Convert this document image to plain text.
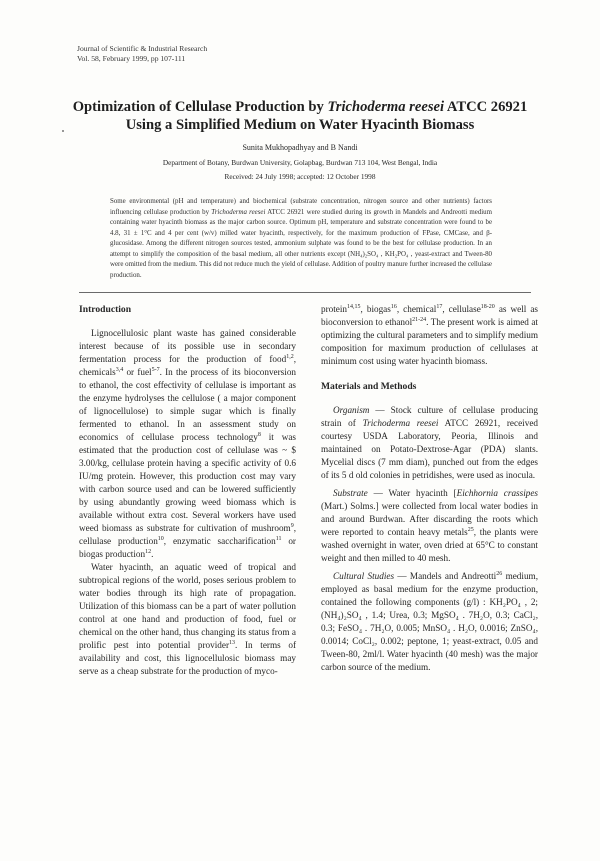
Journal of Scientific & Industrial Research
Vol. 58, February 1999, pp 107-111
Optimization of Cellulase Production by Trichoderma reesei ATCC 26921
Using a Simplified Medium on Water Hyacinth Biomass
Sunita Mukhopadhyay and B Nandi
Department of Botany, Burdwan University, Golapbag, Burdwan 713 104, West Bengal, India
Received: 24 July 1998; accepted: 12 October 1998
Some environmental (pH and temperature) and biochemical (substrate concentration, nitrogen source and other nutrients) factors influencing cellulase production by Trichoderma reesei ATCC 26921 were studied during its growth in Mandels and Andreotti medium containing water hyacinth biomass as the major carbon source. Optimum pH, temperature and substrate concentration were found to be 4.8, 31 ± 1°C and 4 per cent (w/v) milled water hyacinth, respectively, for the maximum production of FPase, CMCase, and β-glucosidase. Among the different nitrogen sources tested, ammonium sulphate was found to be the best for cellulase production. In an attempt to simplify the composition of the basal medium, all other nutrients except (NH₄)₂SO₄ , KH₂PO₄ , yeast-extract and Tween-80 were omitted from the medium. This did not reduce much the yield of cellulase. Addition of poultry manure further increased the cellulase production.

Introduction

Lignocellulosic plant waste has gained considerable interest because of its possible use in secondary fermentation process for the production of food$^{1,2}$, chemicals$^{3,4}$ or fuel$^{5-7}$. In the process of its bioconversion to ethanol, the cost effectivity of cellulase is important as the enzyme hydrolyses the cellulose ( a major component of lignocellulose) to simple sugar which is finally fermented to ethanol. In an assessment study on economics of cellulase process technology$^8$ it was estimated that the production cost of cellulase was ~ $ 3.00/kg, cellulase protein having a specific activity of 0.6 IU/mg protein. However, this production cost may vary with carbon source used and can be lowered sufficiently by using abundantly growing weed biomass which is available without extra cost. Several workers have used weed biomass as substrate for cultivation of mushroom$^9$, cellulase production$^{10}$, enzymatic saccharification$^{11}$ or biogas production$^{12}$.

Water hyacinth, an aquatic weed of tropical and subtropical regions of the world, poses serious problem to water bodies through its high rate of propagation. Utilization of this biomass can be a part of water pollution control at one hand and production of food, fuel or chemical on the other hand, thus changing its status from a prolific pest into potential provider$^{13}$. In terms of availability and cost, this lignocellulosic biomass may serve as a cheap substrate for the production of myco-

protein$^{14,15}$, biogas$^{16}$, chemical$^{17}$, cellulase$^{18-20}$ as well as bioconversion to ethanol$^{21-24}$. The present work is aimed at optimizing the cultural parameters and to simplify medium composition for maximum production of cellulases at minimum cost using water hyacinth biomass.

Materials and Methods

Organism — Stock culture of cellulase producing strain of Trichoderma reesei ATCC 26921, received courtesy USDA Laboratory, Peoria, Illinois and maintained on Potato-Dextrose-Agar (PDA) slants. Mycelial discs (7 mm diam), punched out from the edges of its 5 d old colonies in petridishes, were used as inocula.

Substrate — Water hyacinth [Eichhornia crassipes (Mart.) Solms.] were collected from local water bodies in and around Burdwan. After discarding the roots which were reported to contain heavy metals$^{25}$, the plants were washed overnight in water, oven dried at 65°C to constant weight and then milled to 40 mesh.

Cultural Studies — Mandels and Andreotti$^{26}$ medium, employed as basal medium for the enzyme production, contained the following components (g/l) : KH₂PO₄ , 2; (NH₄)₂SO₄ , 1.4; Urea, 0.3; MgSO₄ . 7H₂O, 0.3; CaCl₂, 0.3; FeSO₄ . 7H₂O, 0.005; MnSO₄ . H₂O, 0.0016; ZnSO₄, 0.0014; CoCl₂, 0.002; peptone, 1; yeast-extract, 0.05 and Tween-80, 2ml/l. Water hyacinth (40 mesh) was the major carbon source of the medium.
